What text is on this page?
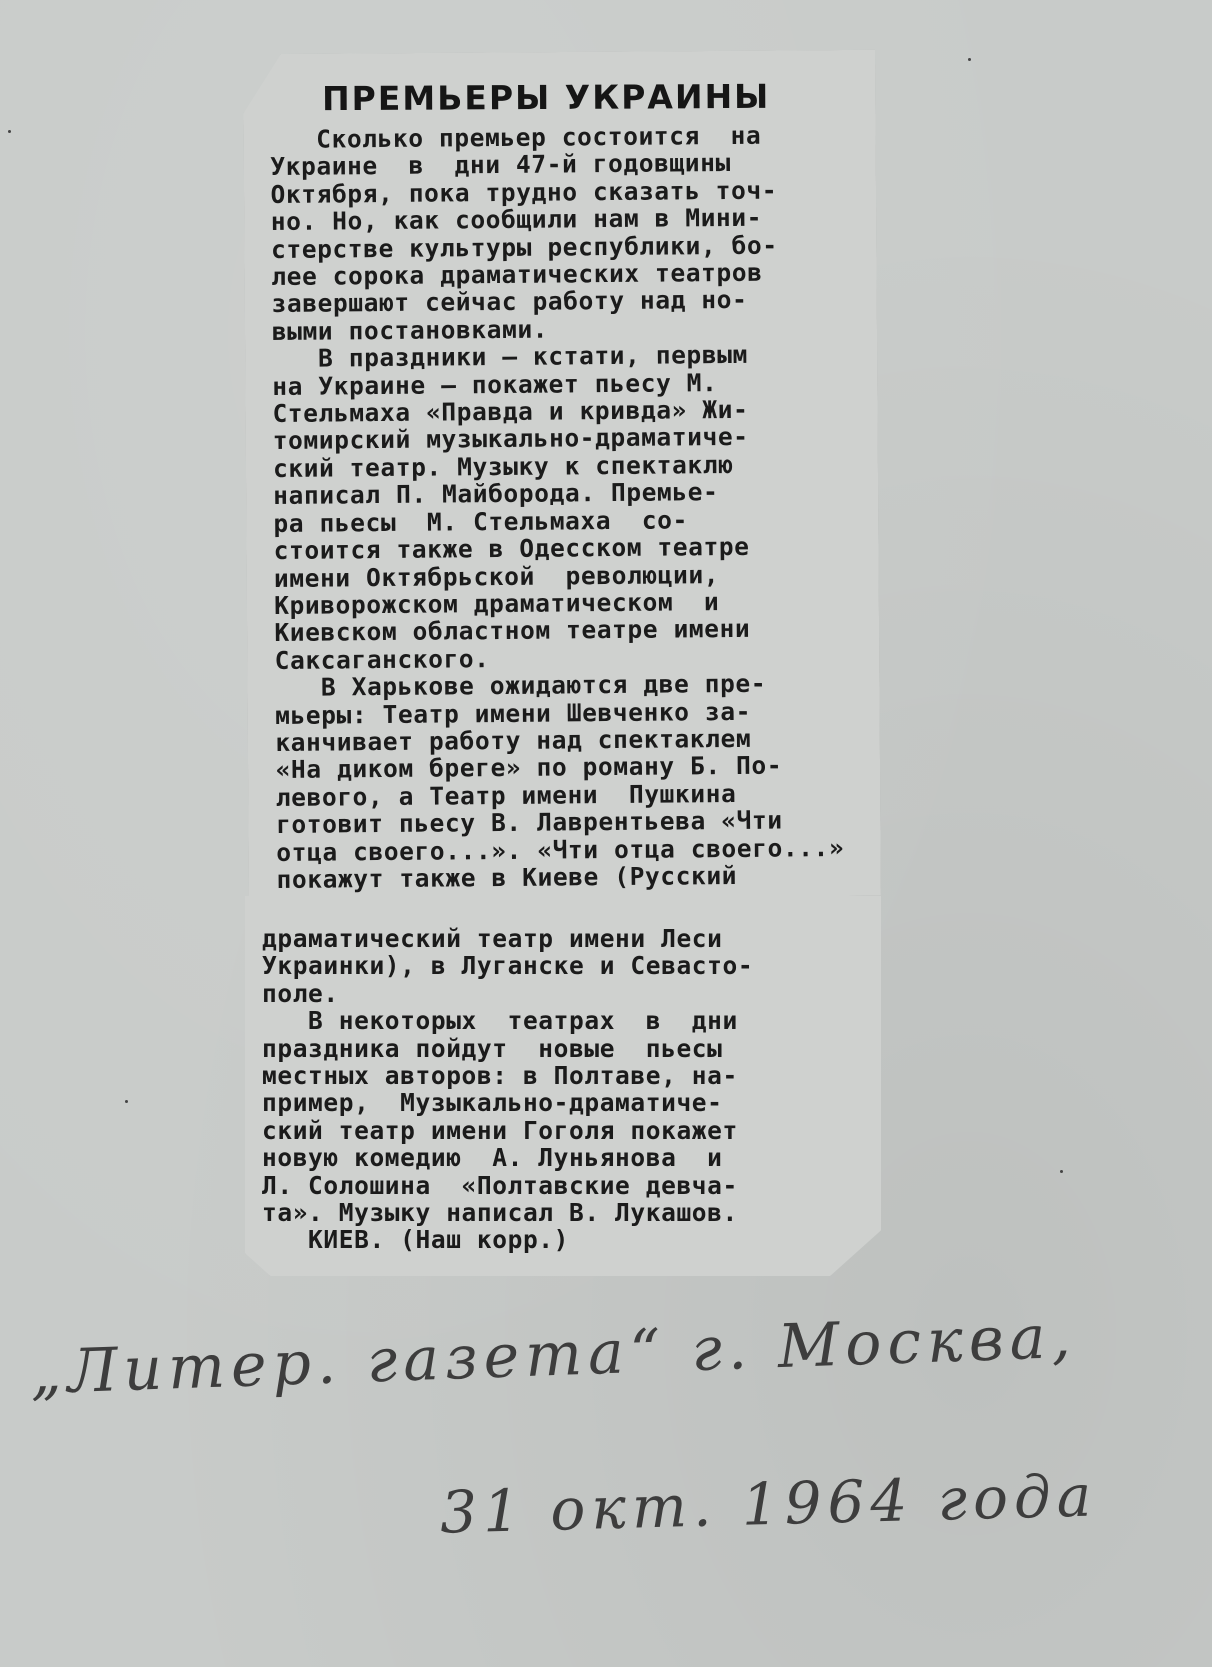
ПРЕМЬЕРЫ УКРАИНЫ
Сколько премьер состоится  на
Украине  в  дни 47-й годовщины
Октября, пока трудно сказать точ-
но. Но, как сообщили нам в Мини-
стерстве культуры республики, бо-
лее сорока драматических театров
завершают сейчас работу над но-
выми постановками.
В праздники — кстати, первым
на Украине — покажет пьесу М.
Стельмаха «Правда и кривда» Жи-
томирский музыкально-драматиче-
ский театр. Музыку к спектаклю
написал П. Майборода. Премье-
ра пьесы  М. Стельмаха  со-
стоится также в Одесском театре
имени Октябрьской  революции,
Криворожском драматическом  и
Киевском областном театре имени
Саксаганского.
В Харькове ожидаются две пре-
мьеры: Театр имени Шевченко за-
канчивает работу над спектаклем
«На диком бреге» по роману Б. По-
левого, а Театр имени  Пушкина
готовит пьесу В. Лаврентьева «Чти
отца своего...». «Чти отца своего...»
покажут также в Киеве (Русский
драматический театр имени Леси
Украинки), в Луганске и Севасто-
поле.
В некоторых  театрах  в  дни
праздника пойдут  новые  пьесы
местных авторов: в Полтаве, на-
пример,  Музыкально-драматиче-
ский театр имени Гоголя покажет
новую комедию  А. Луньянова  и
Л. Солошина  «Полтавские девча-
та». Музыку написал В. Лукашов.
КИЕВ. (Наш корр.)
„Литер. газета“ г. Москва,
31 окт. 1964 года
